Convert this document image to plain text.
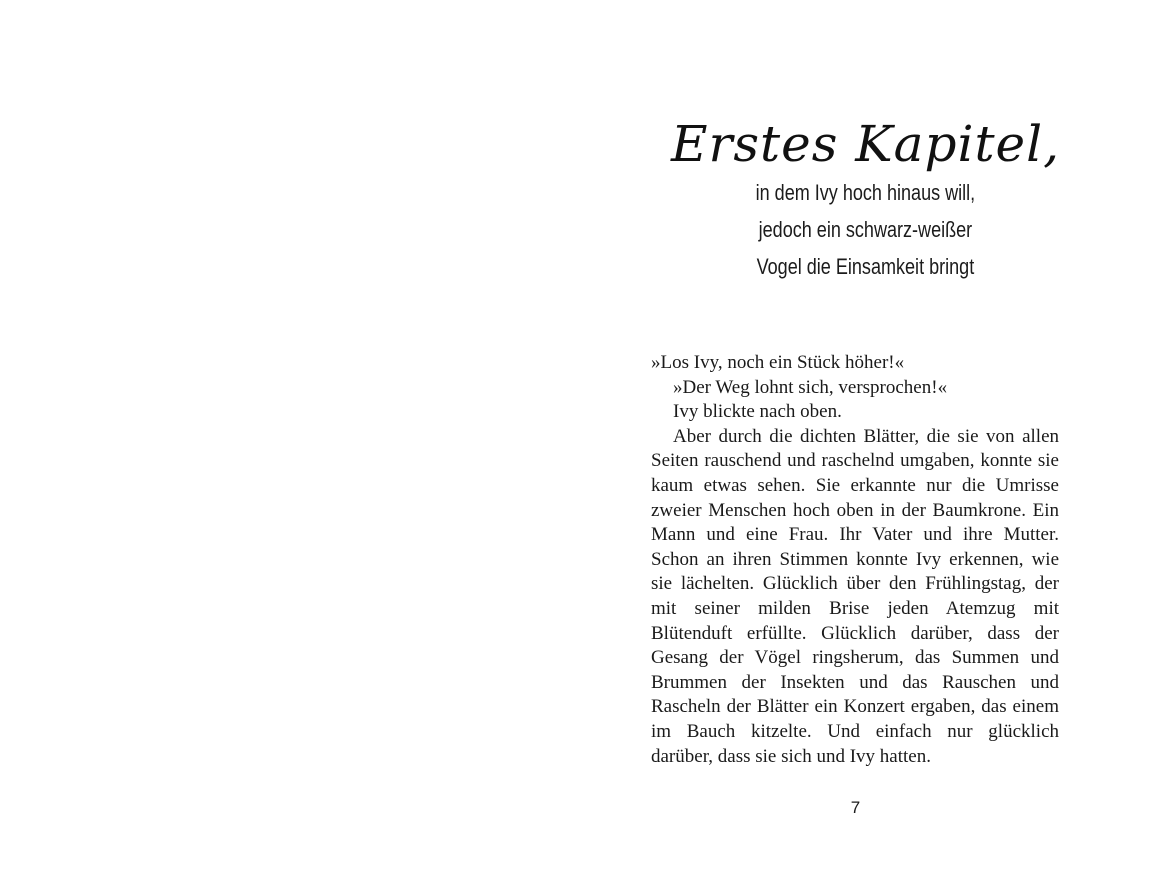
Erstes Kapitel,
in dem Ivy hoch hinaus will,
jedoch ein schwarz-weißer
Vogel die Einsamkeit bringt

»Los Ivy, noch ein Stück höher!«

»Der Weg lohnt sich, versprochen!«

Ivy blickte nach oben.

Aber durch die dichten Blätter, die sie von allen Seiten rauschend und raschelnd umgaben, konnte sie kaum etwas sehen. Sie erkannte nur die Umrisse zweier Menschen hoch oben in der Baumkrone. Ein Mann und eine Frau. Ihr Vater und ihre Mutter. Schon an ihren Stimmen konnte Ivy erkennen, wie sie lächelten. Glücklich über den Frühlingstag, der mit seiner milden Brise jeden Atemzug mit Blütenduft erfüllte. Glücklich darüber, dass der Gesang der Vögel ringsherum, das Summen und Brummen der Insekten und das Rauschen und Rascheln der Blätter ein Konzert ergaben, das einem im Bauch kitzelte. Und einfach nur glücklich darüber, dass sie sich und Ivy hatten.

7
